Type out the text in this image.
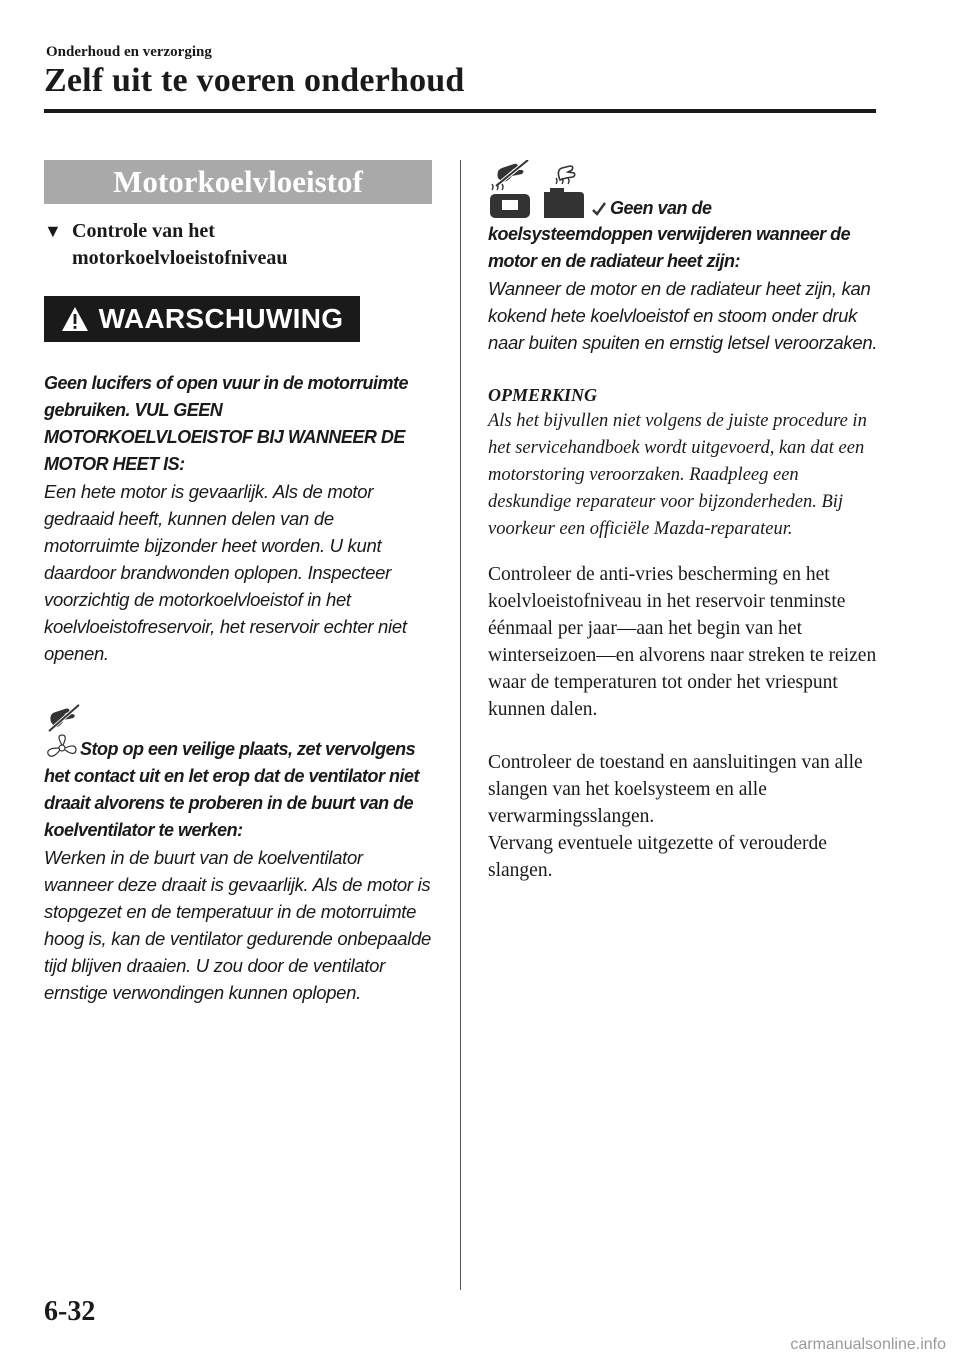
Onderhoud en verzorging
Zelf uit te voeren onderhoud
Motorkoelvloeistof
▼ Controle van het motorkoelvloeistofniveau
WAARSCHUWING
Geen lucifers of open vuur in de motorruimte gebruiken. VUL GEEN MOTORKOELVLOEISTOF BIJ WANNEER DE MOTOR HEET IS:
Een hete motor is gevaarlijk. Als de motor gedraaid heeft, kunnen delen van de motorruimte bijzonder heet worden. U kunt daardoor brandwonden oplopen. Inspecteer voorzichtig de motorkoelvloeistof in het koelvloeistofreservoir, het reservoir echter niet openen.
Stop op een veilige plaats, zet vervolgens het contact uit en let erop dat de ventilator niet draait alvorens te proberen in de buurt van de koelventilator te werken:
Werken in de buurt van de koelventilator wanneer deze draait is gevaarlijk. Als de motor is stopgezet en de temperatuur in de motorruimte hoog is, kan de ventilator gedurende onbepaalde tijd blijven draaien. U zou door de ventilator ernstige verwondingen kunnen oplopen.
Geen van de
koelsysteemdoppen verwijderen wanneer de motor en de radiateur heet zijn:
Wanneer de motor en de radiateur heet zijn, kan kokend hete koelvloeistof en stoom onder druk naar buiten spuiten en ernstig letsel veroorzaken.
OPMERKING
Als het bijvullen niet volgens de juiste procedure in het servicehandboek wordt uitgevoerd, kan dat een motorstoring veroorzaken. Raadpleeg een deskundige reparateur voor bijzonderheden. Bij voorkeur een officiële Mazda-reparateur.
Controleer de anti-vries bescherming en het koelvloeistofniveau in het reservoir tenminste éénmaal per jaar—aan het begin van het winterseizoen—en alvorens naar streken te reizen waar de temperaturen tot onder het vriespunt kunnen dalen.
Controleer de toestand en aansluitingen van alle slangen van het koelsysteem en alle verwarmingsslangen.
Vervang eventuele uitgezette of verouderde slangen.
6-32
carmanualsonline.info
